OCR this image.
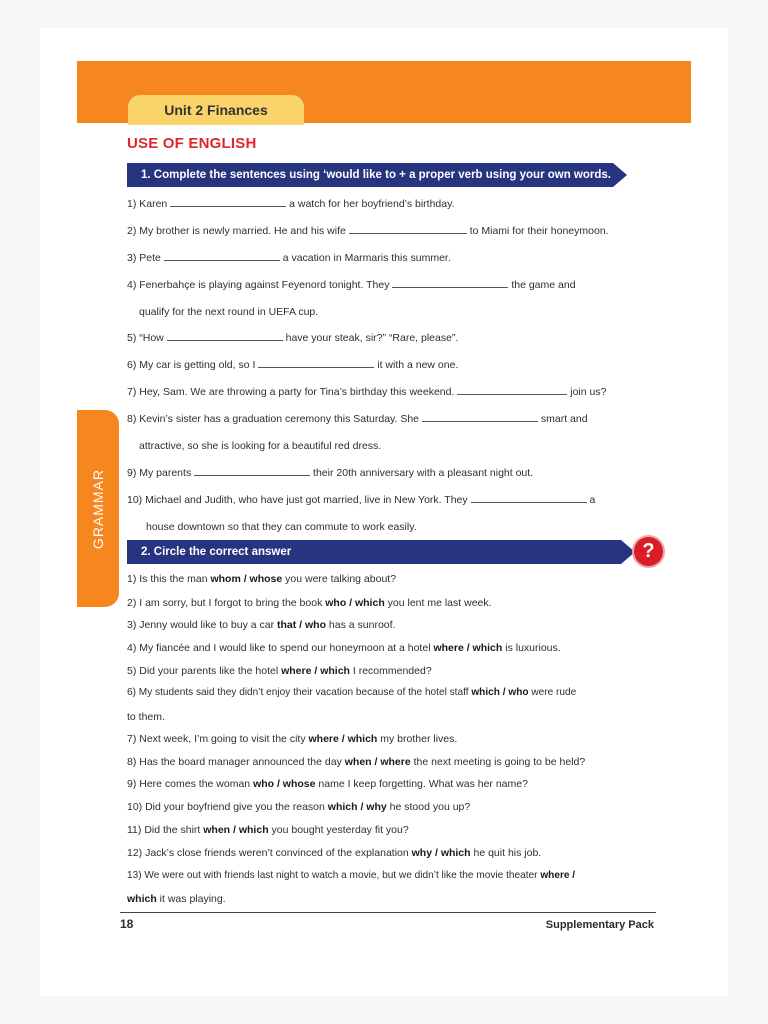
Unit 2 Finances
USE OF ENGLISH
GRAMMAR
1. Complete the sentences using ‘would like to + a proper verb using your own words.
1) Karen	a watch for her boyfriend’s birthday.
2) My brother is newly married. He and his wife	to Miami for their honeymoon.
3) Pete	a vacation in Marmaris this summer.
4) Fenerbahçe is playing against Feyenord tonight. They	the game and
qualify for the next round in UEFA cup.
5) “How	have your steak, sir?” “Rare, please”.
6) My car is getting old, so I	it with a new one.
7) Hey, Sam. We are throwing a party for Tina’s birthday this weekend.	join us?
8) Kevin’s sister has a graduation ceremony this Saturday. She	smart and
attractive, so she is looking for a beautiful red dress.
9) My parents	their 20th anniversary with a pleasant night out.
10) Michael and Judith, who have just got married, live in New York. They	a
house downtown so that they can commute to work easily.
2. Circle the correct answer	?
1) Is this the man whom / whose you were talking about?
2) I am sorry, but I forgot to bring the book who / which you lent me last week.
3) Jenny would like to buy a car that / who has a sunroof.
4) My fiancée and I would like to spend our honeymoon at a hotel where / which is luxurious.
5) Did your parents like the hotel where / which I recommended?
6) My students said they didn’t enjoy their vacation because of the hotel staff which / who were rude
to them.
7) Next week, I’m going to visit the city where / which my brother lives.
8) Has the board manager announced the day when / where the next meeting is going to be held?
9) Here comes the woman who / whose name I keep forgetting. What was her name?
10) Did your boyfriend give you the reason which / why he stood you up?
11) Did the shirt when / which you bought yesterday fit you?
12) Jack’s close friends weren’t convinced of the explanation why / which he quit his job.
13) We were out with friends last night to watch a movie, but we didn’t like the movie theater where /
which it was playing.
18	Supplementary Pack
